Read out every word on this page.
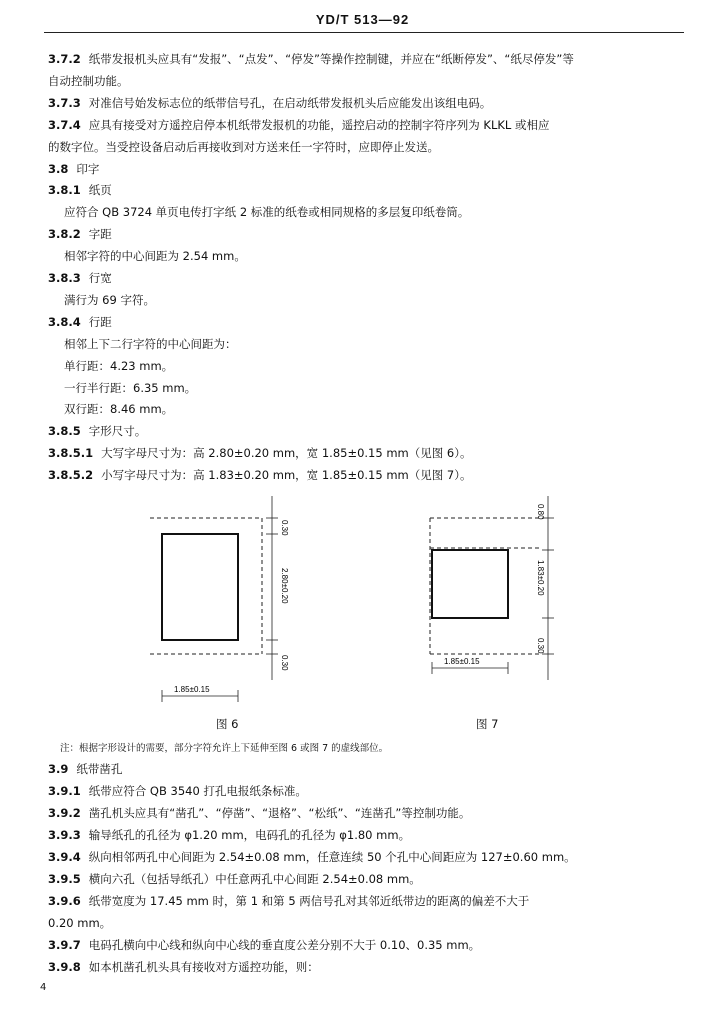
YD/T 513—92
3.7.2 纸带发报机头应具有“发报”、“点发”、“停发”等操作控制键，并应在“纸断停发”、“纸尽停发”等
自动控制功能。
3.7.3 对准信号始发标志位的纸带信号孔，在启动纸带发报机头后应能发出该组电码。
3.7.4 应具有接受对方遥控启停本机纸带发报机的功能，遥控启动的控制字符序列为 KLKL 或相应
的数字位。当受控设备启动后再接收到对方送来任一字符时，应即停止发送。
3.8 印字
3.8.1 纸页
应符合 QB 3724 单页电传打字纸 2 标准的纸卷或相同规格的多层复印纸卷筒。
3.8.2 字距
相邻字符的中心间距为 2.54 mm。
3.8.3 行宽
满行为 69 字符。
3.8.4 行距
相邻上下二行字符的中心间距为：
单行距：4.23 mm。
一行半行距：6.35 mm。
双行距：8.46 mm。
3.8.5 字形尺寸。
3.8.5.1 大写字母尺寸为：高 2.80±0.20 mm，宽 1.85±0.15 mm（见图 6）。
3.8.5.2 小写字母尺寸为：高 1.83±0.20 mm，宽 1.85±0.15 mm（见图 7）。
0.30
2.80±0.20
0.30
1.85±0.15
图 6
0.80
1.83±0.20
0.30
1.85±0.15
图 7
注：根据字形设计的需要，部分字符允许上下延伸至图 6 或图 7 的虚线部位。
3.9 纸带凿孔
3.9.1 纸带应符合 QB 3540 打孔电报纸条标准。
3.9.2 凿孔机头应具有“凿孔”、“停凿”、“退格”、“松纸”、“连凿孔”等控制功能。
3.9.3 输导纸孔的孔径为 φ1.20 mm，电码孔的孔径为 φ1.80 mm。
3.9.4 纵向相邻两孔中心间距为 2.54±0.08 mm，任意连续 50 个孔中心间距应为 127±0.60 mm。
3.9.5 横向六孔（包括导纸孔）中任意两孔中心间距 2.54±0.08 mm。
3.9.6 纸带宽度为 17.45 mm 时，第 1 和第 5 两信号孔对其邻近纸带边的距离的偏差不大于
0.20 mm。
3.9.7 电码孔横向中心线和纵向中心线的垂直度公差分别不大于 0.10、0.35 mm。
3.9.8 如本机凿孔机头具有接收对方遥控功能，则：
4
